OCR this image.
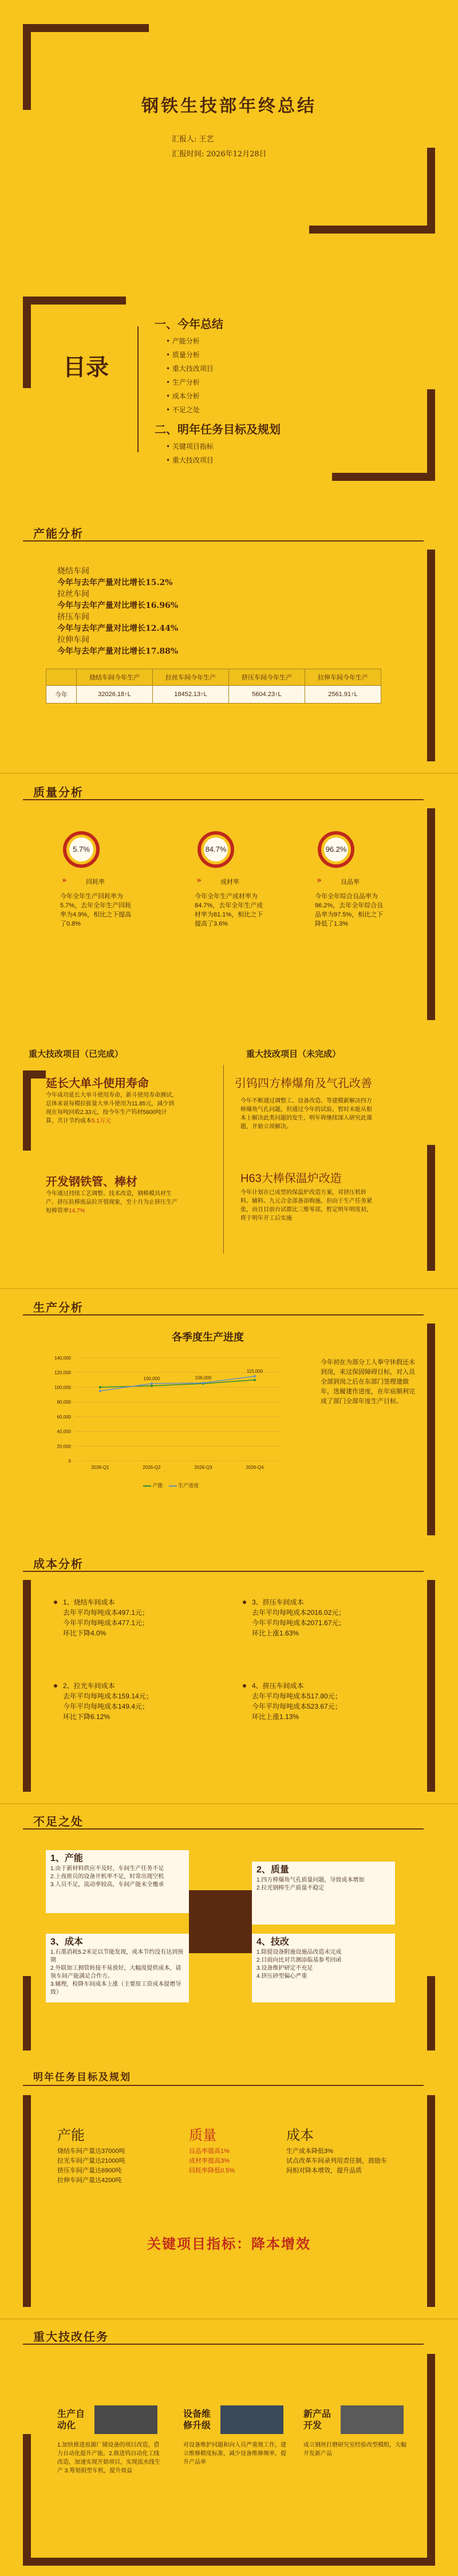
钢铁生技部年终总结
汇报人: 王艺
汇报时间: 2026年12月28日
目录
一、今年总结
• 产能分析
• 质量分析
• 重大技改项目
• 生产分析
• 成本分析
• 不足之处
二、明年任务目标及规划
• 关键项目指标
• 重大技改项目
产能分析
烧结车间
今年与去年产量对比增长15.2%
拉丝车间
今年与去年产量对比增长16.96%
挤压车间
今年与去年产量对比增长12.44%
拉伸车间
今年与去年产量对比增长17.88%
	烧结车间今年生产	拉丝车间今年生产	挤压车间今年生产	拉伸车间今年生产
今年	32026.18↑L	18452.13↑L	5604.23↑L	2561.91↑L
质量分析
5.7%
»	回耗率
今年全年生产回耗率为5.7%，去年全年生产回耗率为4.9%，相比之下提高了0.8%
84.7%
»	成材率
今年全年生产成材率为84.7%，去年全年生产成材率为81.1%，相比之下提高了3.6%
96.2%
»	良品率
今年全年综合良品率为96.2%，去年全年综合良品率为97.5%，相比之下降低了1.3%
重大技改项目（已完成）	重大技改项目（未完成）
延长大单斗使用寿命
今年成功延长大单斗使用寿命，新斗使用寿命测试，总体来说每模拉拔量大单斗使用为11.85元，减少到现在每吨回收2.33元，按今年生产钨材5600吨计算，共计节约成本5.1万元
开发钢铁管、棒材
今年通过持续工艺调整、技术改造，钢棒模具材生产、挤压抗棒废品拉开裂现象，至十月为止挤压生产短棒管率14.7%
引钨四方棒爆角及气孔改善
今年不断通过调整工、设备改造、等建模新解决四方棒爆角气孔问题，但通过今年的试验，暂时未能从根本上解决此类问题的发生，明年将继续深入研究此课题，开始立项解决。
H63大棒保温炉改造
今年计划在已成型的保温炉改造方案，对挤压机转料、辅料、九元合金部备添购施。但由于生产任务紧张，而且目前台试都比三维零部，暂定明年明度初，将于明年开工后实施
生产分析
各季度生产进度
0
20,000
40,000
60,000
80,000
100,000
120,000
140,000
2026-Q1	2026-Q2	2026-Q3	2026-Q4
100,000	106,000
115,000
产能	生产进度
今年初在为部分工人奉守休假还未到岗，来这保固障碍目标，对入员全部到岗之后在东部门签理建做年，迭履建作进度，在年底顺利完成了部门全部年度生产目标。
成本分析
1、烧结车间成本
去年平均每吨成本497.1元；
今年平均每吨成本477.1元；
环比下降4.0%
3、挤压车间成本
去年平均每吨成本2016.02元；
今年平均每吨成本2071.67元；
环比上涨1.63%
2、拉光车间成本
去年平均每吨成本159.14元；
今年平均每吨成本149.4元；
环比下降6.12%
4、拼压车间成本
去年平均每吨成本517.80元；
今年平均每吨成本523.67元；
环比上涨1.13%
不足之处
1、产能
1.由于新材料供应不及时，车间生产任务不足
2.上夜班员的设备开机率不足，时常出现空机
3.人员不足，流动率较高，车间产能未全覆承
2、质量
1.四方棒爆角气孔质量问题，导致成本增加
2.拉光钢棒生产质量不稳定
3、成本
1.石墨消耗5.2米足以节能发现，成本节约没有达到预期
2.外联加工拥管转接不易放好，大幅度提供成本，请领车间产能满足合作方。
3.辅理，检降车间成本上涨（主要原工资成本提增导致）
4、技改
1.除提设备附施设施品改造未完成
2.目前向比对共测添临基参考回函
3.设备维护研定不充足
4.挤压砂型偏心严重
明年任务目标及规划
产能
烧结车间产量达37000吨
拉光车间产量达21000吨
挤压车间产量达6900吨
拉伸车间产量达4200吨
质量
良品率提高1%
成材率提高3%
回耗率降低0.5%
成本
生产成本降低3%
试点改革车间录列用责任制，鼓励车间相对降本增效，提升品质
关键项目指标：降本增效
重大技改任务
生产自动化
1.加快推进原源厂储设备的项目改造，借力自动化提升产能。2.推进钨自动化工线改造，加速实现开始项目，实现流水线生产 3.筹划捐型车机，提升效益
设备维修升级
对设备维护问题和向人员严重规工作，建立维修精度标准，减少设备维修频率，提升产品率
新产品开发
成立钢丝打磨研究室经验改型模组，大幅开发新产品
